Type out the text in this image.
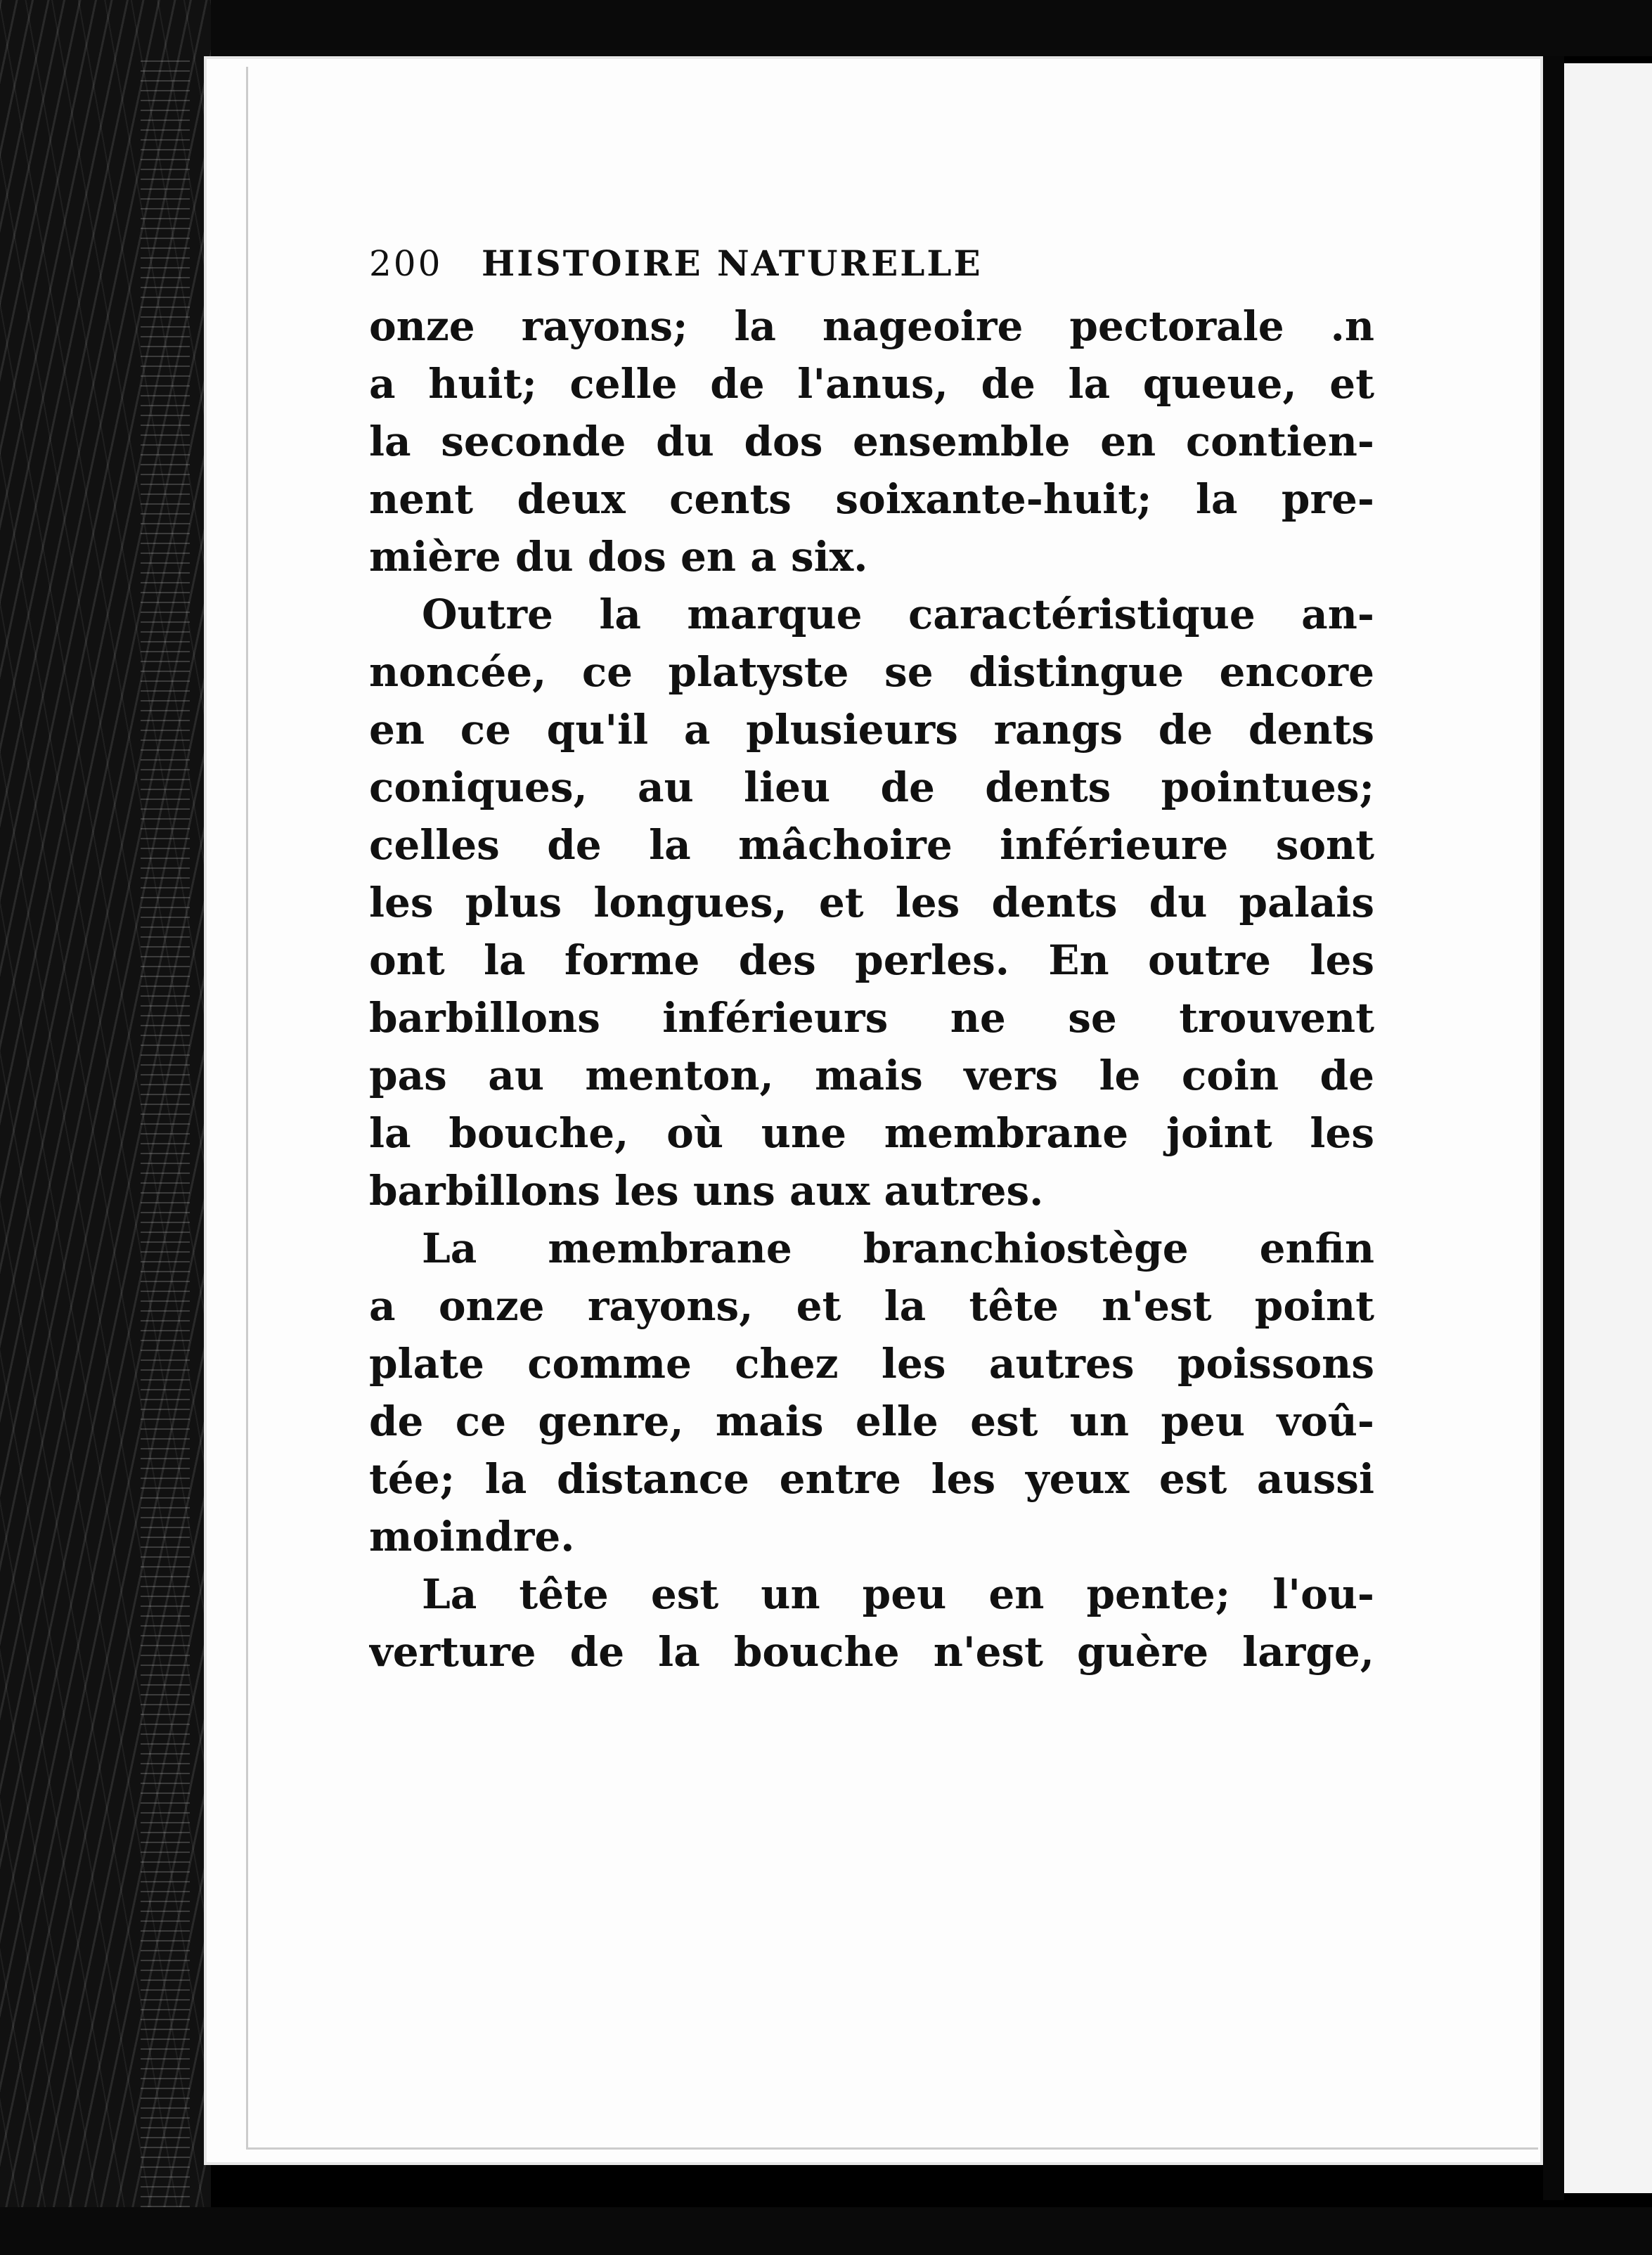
200 HISTOIRE NATURELLE
onze rayons; la nageoire pectorale .n
a huit; celle de l'anus, de la queue, et
la seconde du dos ensemble en contien-
nent deux cents soixante-huit; la pre-
mière du dos en a six.
Outre la marque caractéristique an-
noncée, ce platyste se distingue encore
en ce qu'il a plusieurs rangs de dents
coniques, au lieu de dents pointues;
celles de la mâchoire inférieure sont
les plus longues, et les dents du palais
ont la forme des perles. En outre les
barbillons inférieurs ne se trouvent
pas au menton, mais vers le coin de
la bouche, où une membrane joint les
barbillons les uns aux autres.
La membrane branchiostège enfin
a onze rayons, et la tête n'est point
plate comme chez les autres poissons
de ce genre, mais elle est un peu voû-
tée; la distance entre les yeux est aussi
moindre.
La tête est un peu en pente; l'ou-
verture de la bouche n'est guère large,
